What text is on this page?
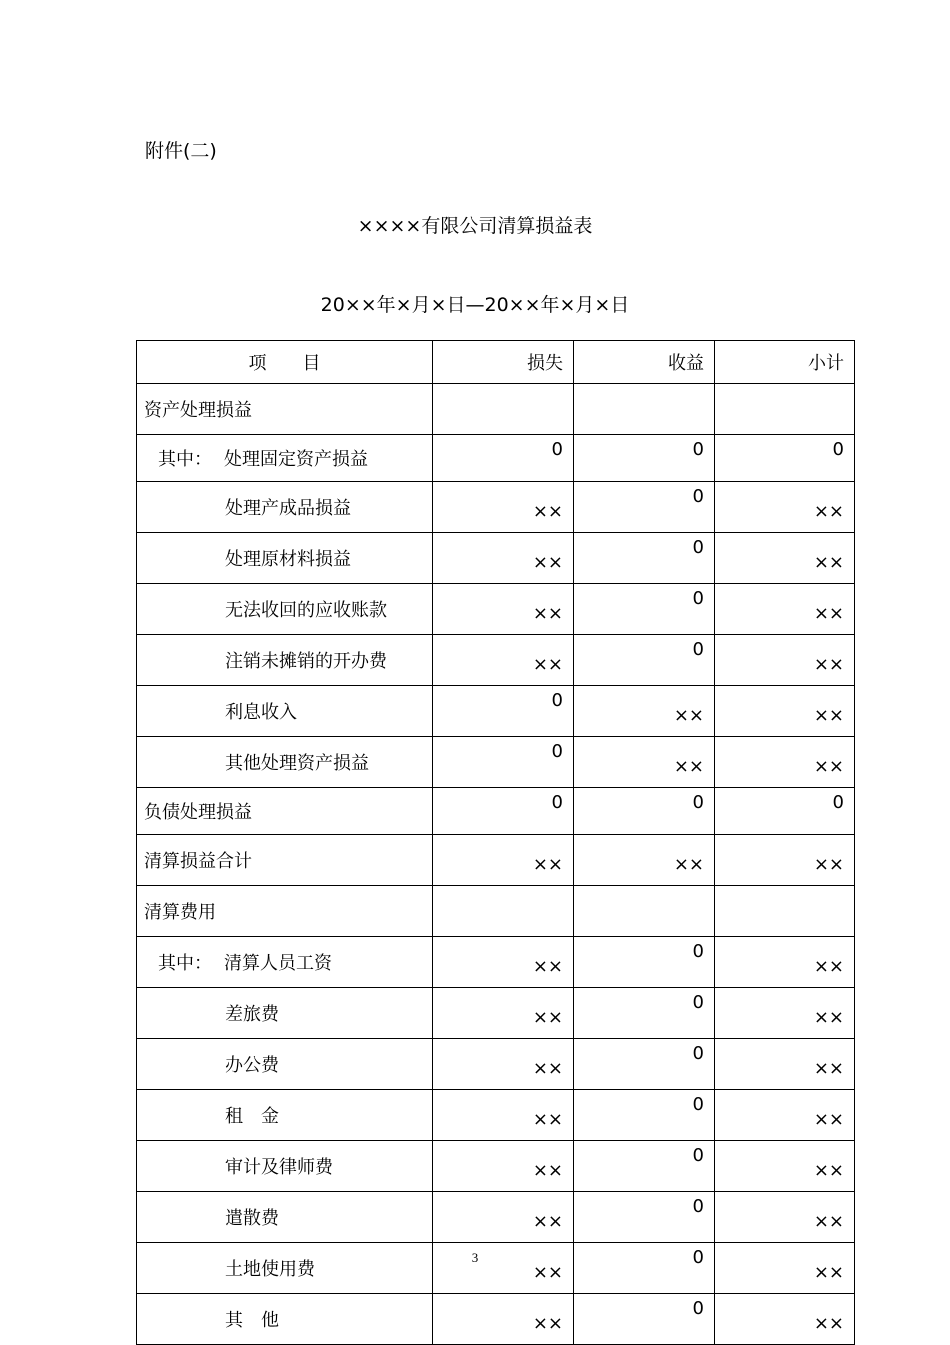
附件(二)
××××有限公司清算损益表
20××年×月×日—20××年×月×日
项　　目	损失	收益	小计
资产处理损益			
其中： 处理固定资产损益	0	0	0
处理产成品损益	××	0	××
处理原材料损益	××	0	××
无法收回的应收账款	××	0	××
注销未摊销的开办费	××	0	××
利息收入	0	××	××
其他处理资产损益	0	××	××
负债处理损益	0	0	0
清算损益合计	××	××	××
清算费用			
其中： 清算人员工资	××	0	××
差旅费	××	0	××
办公费	××	0	××
租　金	××	0	××
审计及律师费	××	0	××
遣散费	××	0	××
土地使用费	××	0	××
其　他	××	0	××
3
